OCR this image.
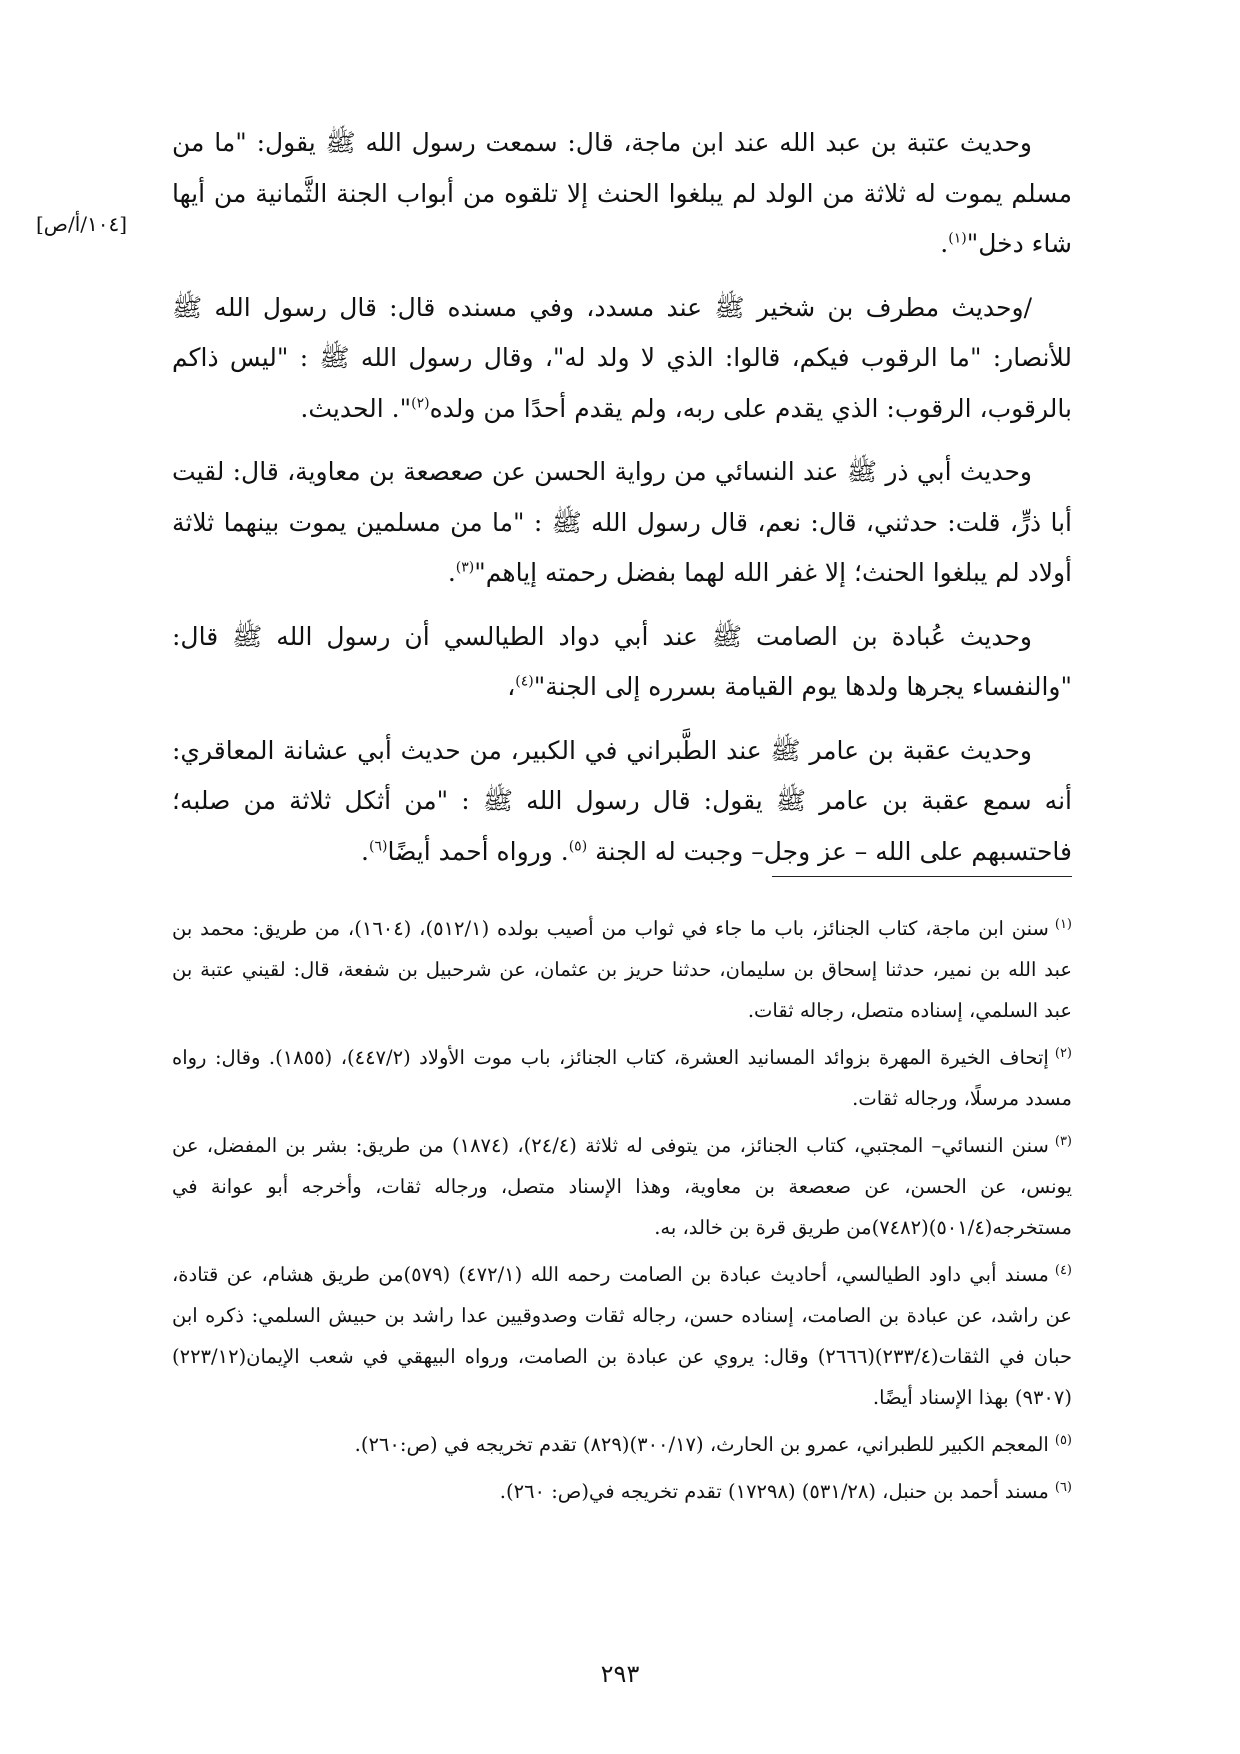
[١٠٤/أ/ص]

وحديث عتبة بن عبد الله عند ابن ماجة، قال: سمعت رسول الله ﷺ يقول: "ما من مسلم يموت له ثلاثة من الولد لم يبلغوا الحنث إلا تلقوه من أبواب الجنة الثَّمانية من أيها شاء دخل"$^{(١)}$.

/وحديث مطرف بن شخير ﷺ عند مسدد، وفي مسنده قال: قال رسول الله ﷺ للأنصار: "ما الرقوب فيكم، قالوا: الذي لا ولد له"، وقال رسول الله ﷺ : "ليس ذاكم بالرقوب، الرقوب: الذي يقدم على ربه، ولم يقدم أحدًا من ولده$^{(٢)}$". الحديث.

وحديث أبي ذر ﷺ عند النسائي من رواية الحسن عن صعصعة بن معاوية، قال: لقيت أبا ذرٍّ، قلت: حدثني، قال: نعم، قال رسول الله ﷺ : "ما من مسلمين يموت بينهما ثلاثة أولاد لم يبلغوا الحنث؛ إلا غفر الله لهما بفضل رحمته إياهم"$^{(٣)}$.

وحديث عُبادة بن الصامت ﷺ عند أبي دواد الطيالسي أن رسول الله ﷺ قال: "والنفساء يجرها ولدها يوم القيامة بسرره إلى الجنة"$^{(٤)}$،

وحديث عقبة بن عامر ﷺ عند الطَّبراني في الكبير، من حديث أبي عشانة المعاقري: أنه سمع عقبة بن عامر ﷺ يقول: قال رسول الله ﷺ : "من أثكل ثلاثة من صلبه؛ فاحتسبهم على الله – عز وجل– وجبت له الجنة $^{(٥)}$. ورواه أحمد أيضًا$^{(٦)}$.

$^{(١)}$سنن ابن ماجة، كتاب الجنائز، باب ما جاء في ثواب من أصيب بولده (٥١٢/١)، (١٦٠٤)، من طريق: محمد بن عبد الله بن نمير، حدثنا إسحاق بن سليمان، حدثنا حريز بن عثمان، عن شرحبيل بن شفعة، قال: لقيني عتبة بن عبد السلمي، إسناده متصل، رجاله ثقات.

$^{(٢)}$إتحاف الخيرة المهرة بزوائد المسانيد العشرة، كتاب الجنائز، باب موت الأولاد (٤٤٧/٢)، (١٨٥٥). وقال: رواه مسدد مرسلًا، ورجاله ثقات.

$^{(٣)}$سنن النسائي– المجتبي، كتاب الجنائز، من يتوفى له ثلاثة (٢٤/٤)، (١٨٧٤) من طريق: بشر بن المفضل، عن يونس، عن الحسن، عن صعصعة بن معاوية، وهذا الإسناد متصل، ورجاله ثقات، وأخرجه أبو عوانة في مستخرجه(٥٠١/٤)(٧٤٨٢)من طريق قرة بن خالد، به.

$^{(٤)}$مسند أبي داود الطيالسي، أحاديث عبادة بن الصامت رحمه الله (٤٧٢/١) (٥٧٩)من طريق هشام، عن قتادة، عن راشد، عن عبادة بن الصامت، إسناده حسن، رجاله ثقات وصدوقيين عدا راشد بن حبيش السلمي: ذكره ابن حبان في الثقات(٢٣٣/٤)(٢٦٦٦) وقال: يروي عن عبادة بن الصامت، ورواه البيهقي في شعب الإيمان(٢٢٣/١٢) (٩٣٠٧) بهذا الإسناد أيضًا.

$^{(٥)}$المعجم الكبير للطبراني، عمرو بن الحارث، (٣٠٠/١٧)(٨٢٩) تقدم تخريجه في (ص:٢٦٠).

$^{(٦)}$مسند أحمد بن حنبل، (٥٣١/٢٨) (١٧٢٩٨) تقدم تخريجه في(ص: ٢٦٠).

٢٩٣
